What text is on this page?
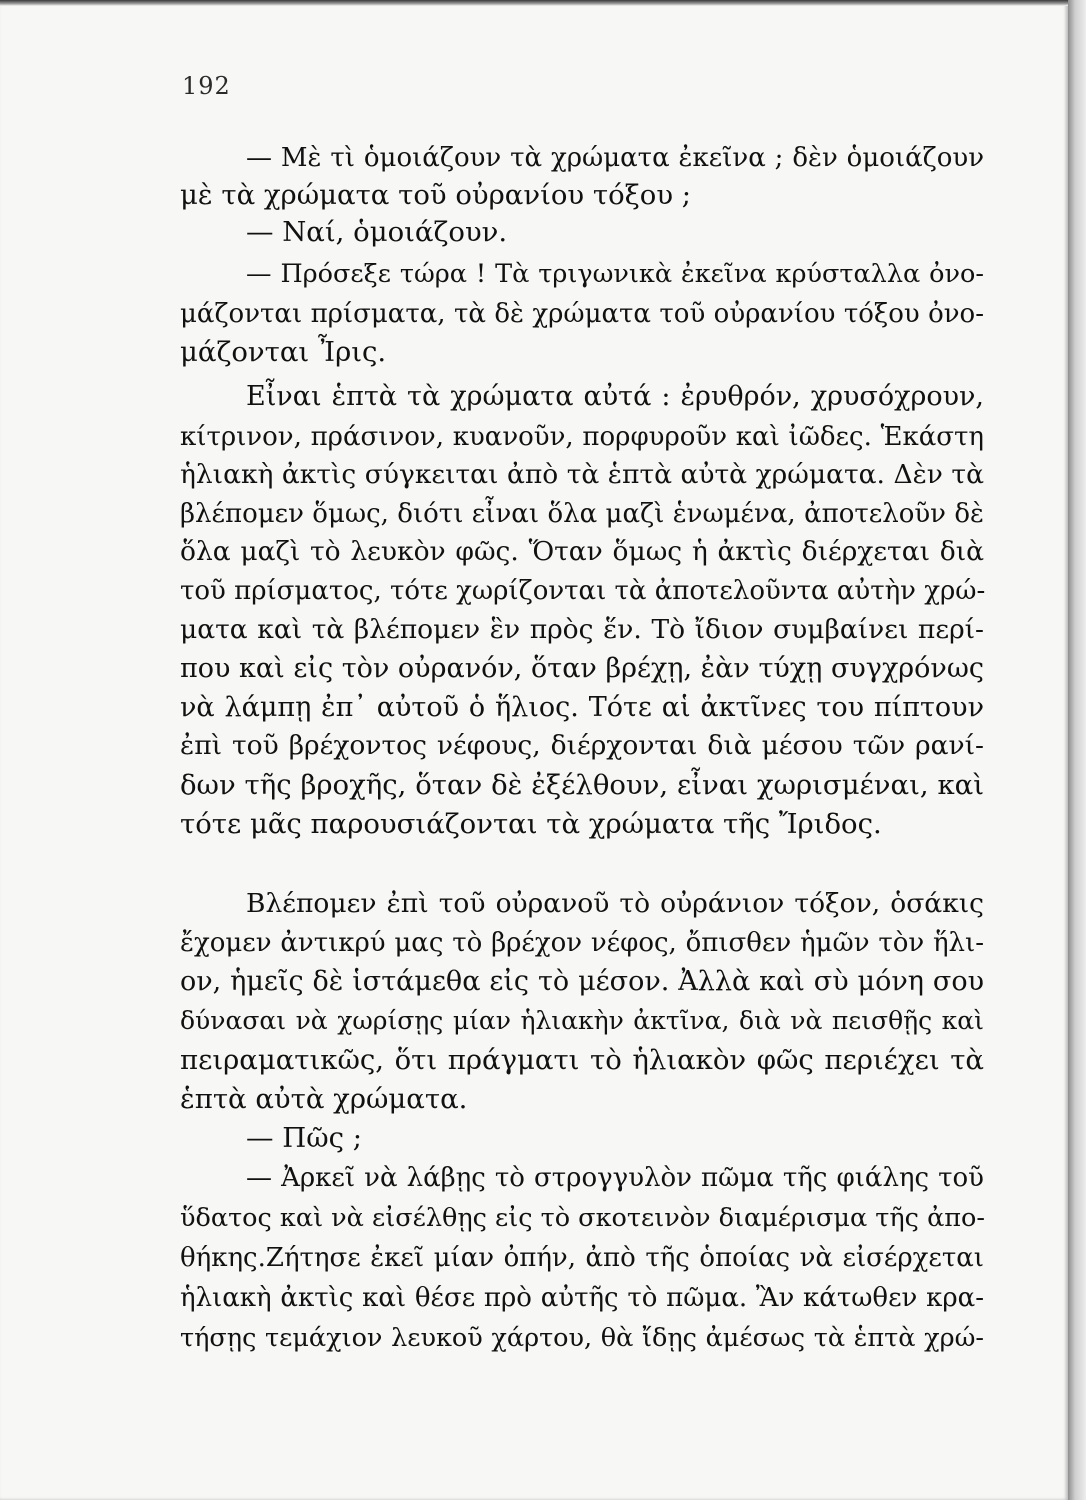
192
— Μὲ τὶ ὁμοιάζουν τὰ χρώματα ἐκεῖνα ; δὲν ὁμοιάζουν
μὲ τὰ χρώματα τοῦ οὐρανίου τόξου ;
— Ναί, ὁμοιάζουν.
— Πρόσεξε τώρα ! Τὰ τριγωνικὰ ἐκεῖνα κρύσταλλα ὀνο-
μάζονται πρίσματα, τὰ δὲ χρώματα τοῦ οὐρανίου τόξου ὀνο-
μάζονται Ἶρις.
Εἶναι ἑπτὰ τὰ χρώματα αὐτά : ἐρυθρόν, χρυσόχρουν,
κίτρινον, πράσινον, κυανοῦν, πορφυροῦν καὶ ἰῶδες. Ἑκάστη
ἡλιακὴ ἀκτὶς σύγκειται ἀπὸ τὰ ἑπτὰ αὐτὰ χρώματα. Δὲν τὰ
βλέπομεν ὅμως, διότι εἶναι ὅλα μαζὶ ἑνωμένα, ἀποτελοῦν δὲ
ὅλα μαζὶ τὸ λευκὸν φῶς. Ὅταν ὅμως ἡ ἀκτὶς διέρχεται διὰ
τοῦ πρίσματος, τότε χωρίζονται τὰ ἀποτελοῦντα αὐτὴν χρώ-
ματα καὶ τὰ βλέπομεν ἓν πρὸς ἕν. Τὸ ἴδιον συμβαίνει περί-
που καὶ εἰς τὸν οὐρανόν, ὅταν βρέχῃ, ἐὰν τύχῃ συγχρόνως
νὰ λάμπῃ ἐπ᾽ αὐτοῦ ὁ ἥλιος. Τότε αἱ ἀκτῖνες του πίπτουν
ἐπὶ τοῦ βρέχοντος νέφους, διέρχονται διὰ μέσου τῶν ρανί-
δων τῆς βροχῆς, ὅταν δὲ ἐξέλθουν, εἶναι χωρισμέναι, καὶ
τότε μᾶς παρουσιάζονται τὰ χρώματα τῆς Ἴριδος.
Βλέπομεν ἐπὶ τοῦ οὐρανοῦ τὸ οὐράνιον τόξον, ὁσάκις
ἔχομεν ἀντικρύ μας τὸ βρέχον νέφος, ὄπισθεν ἡμῶν τὸν ἥλι-
ον, ἡμεῖς δὲ ἱστάμεθα εἰς τὸ μέσον. Ἀλλὰ καὶ σὺ μόνη σου
δύνασαι νὰ χωρίσῃς μίαν ἡλιακὴν ἀκτῖνα, διὰ νὰ πεισθῇς καὶ
πειραματικῶς, ὅτι πράγματι τὸ ἡλιακὸν φῶς περιέχει τὰ
ἑπτὰ αὐτὰ χρώματα.
— Πῶς ;
— Ἀρκεῖ νὰ λάβῃς τὸ στρογγυλὸν πῶμα τῆς φιάλης τοῦ
ὕδατος καὶ νὰ εἰσέλθῃς εἰς τὸ σκοτεινὸν διαμέρισμα τῆς ἀπο-
θήκης.Ζήτησε ἐκεῖ μίαν ὀπήν, ἀπὸ τῆς ὁποίας νὰ εἰσέρχεται
ἡλιακὴ ἀκτὶς καὶ θέσε πρὸ αὐτῆς τὸ πῶμα. Ἂν κάτωθεν κρα-
τήσῃς τεμάχιον λευκοῦ χάρτου, θὰ ἴδῃς ἀμέσως τὰ ἑπτὰ χρώ-
